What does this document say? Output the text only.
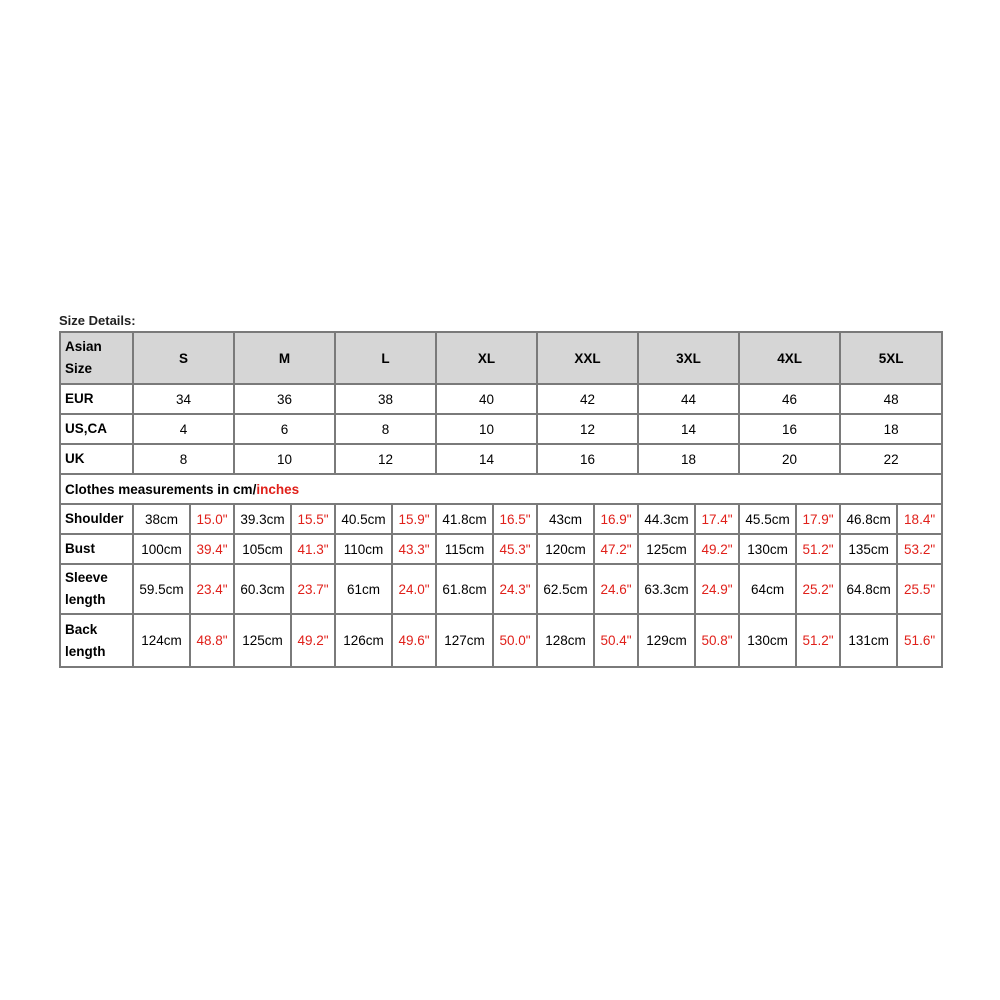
Size Details:
Asian Size	S		M		L		XL		XXL		3XL		4XL		5XL	
EUR	34		36		38		40		42		44		46		48	
US,CA	4		6		8		10		12		14		16		18	
UK	8		10		12		14		16		18		20		22	
Clothes measurements in cm/inches																
Shoulder	38cm	15.0"	39.3cm	15.5"	40.5cm	15.9"	41.8cm	16.5"	43cm	16.9"	44.3cm	17.4"	45.5cm	17.9"	46.8cm	18.4"
Bust	100cm	39.4"	105cm	41.3"	110cm	43.3"	115cm	45.3"	120cm	47.2"	125cm	49.2"	130cm	51.2"	135cm	53.2"
Sleeve length	59.5cm	23.4"	60.3cm	23.7"	61cm	24.0"	61.8cm	24.3"	62.5cm	24.6"	63.3cm	24.9"	64cm	25.2"	64.8cm	25.5"
Back length	124cm	48.8"	125cm	49.2"	126cm	49.6"	127cm	50.0"	128cm	50.4"	129cm	50.8"	130cm	51.2"	131cm	51.6"
